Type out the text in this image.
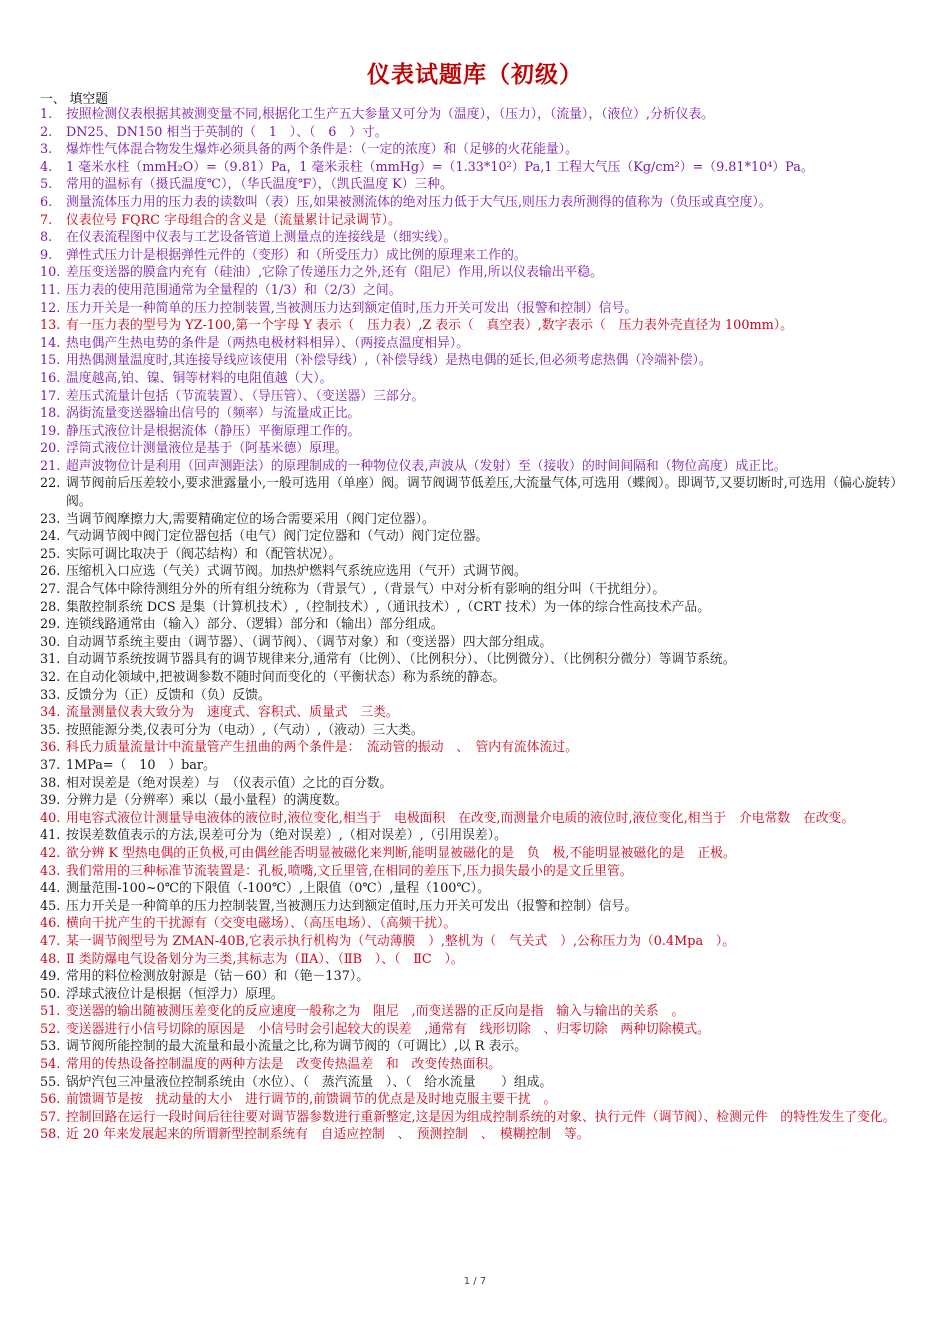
仪表试题库（初级）
一、 填空题

1. 按照检测仪表根据其被测变量不同,根据化工生产五大参量又可分为（温度），（压力），（流量），（液位）,分析仪表。

2. DN25、DN150 相当于英制的（　1　）、（　6　）寸。

3. 爆炸性气体混合物发生爆炸必须具备的两个条件是：（一定的浓度）和（足够的火花能量）。

4. 1 毫米水柱（mmH₂O）=（9.81）Pa，1 毫米汞柱（mmHg）=（1.33*10²）Pa,1 工程大气压（Kg/cm²）=（9.81*10⁴）Pa。

5. 常用的温标有（摄氏温度℃），（华氏温度℉），（凯氏温度 K）三种。

6. 测量流体压力用的压力表的读数叫（表）压,如果被测流体的绝对压力低于大气压,则压力表所测得的值称为（负压或真空度）。

7. 仪表位号 FQRC 字母组合的含义是（流量累计记录调节）。

8. 在仪表流程图中仪表与工艺设备管道上测量点的连接线是（细实线）。

9. 弹性式压力计是根据弹性元件的（变形）和（所受压力）成比例的原理来工作的。

10. 差压变送器的膜盒内充有（硅油）,它除了传递压力之外,还有（阻尼）作用,所以仪表输出平稳。

11. 压力表的使用范围通常为全量程的（1/3）和（2/3）之间。

12. 压力开关是一种简单的压力控制装置,当被测压力达到额定值时,压力开关可发出（报警和控制）信号。

13. 有一压力表的型号为 YZ-100,第一个字母 Y 表示（　压力表）,Z 表示（　真空表）,数字表示（　压力表外壳直径为 100mm）。

14. 热电偶产生热电势的条件是（两热电极材料相异）、（两接点温度相异）。

15. 用热偶测量温度时,其连接导线应该使用（补偿导线）,（补偿导线）是热电偶的延长,但必须考虑热偶（冷端补偿）。

16. 温度越高,铂、镍、铜等材料的电阻值越（大）。

17. 差压式流量计包括（节流装置）、（导压管）、（变送器）三部分。

18. 涡街流量变送器输出信号的（频率）与流量成正比。

19. 静压式液位计是根据流体（静压）平衡原理工作的。

20. 浮筒式液位计测量液位是基于（阿基米德）原理。

21. 超声波物位计是利用（回声测距法）的原理制成的一种物位仪表,声波从（发射）至（接收）的时间间隔和（物位高度）成正比。

22. 调节阀前后压差较小,要求泄露量小,一般可选用（单座）阀。调节阀调节低差压,大流量气体,可选用（蝶阀）。即调节,又要切断时,可选用（偏心旋转）阀。

23. 当调节阀摩擦力大,需要精确定位的场合需要采用（阀门定位器）。

24. 气动调节阀中阀门定位器包括（电气）阀门定位器和（气动）阀门定位器。

25. 实际可调比取决于（阀芯结构）和（配管状况）。

26. 压缩机入口应选（气关）式调节阀。加热炉燃料气系统应选用（气开）式调节阀。

27. 混合气体中除待测组分外的所有组分统称为（背景气）,（背景气）中对分析有影响的组分叫（干扰组分）。

28. 集散控制系统 DCS 是集（计算机技术）,（控制技术）,（通讯技术）,（CRT 技术）为一体的综合性高技术产品。

29. 连锁线路通常由（输入）部分、（逻辑）部分和（输出）部分组成。

30. 自动调节系统主要由（调节器）、（调节阀）、（调节对象）和（变送器）四大部分组成。

31. 自动调节系统按调节器具有的调节规律来分,通常有（比例）、（比例积分）、（比例微分）、（比例积分微分）等调节系统。

32. 在自动化领域中,把被调参数不随时间而变化的（平衡状态）称为系统的静态。

33. 反馈分为（正）反馈和（负）反馈。

34. 流量测量仪表大致分为　速度式、容积式、质量式　三类。

35. 按照能源分类,仪表可分为（电动）,（气动）,（液动）三大类。

36. 科氏力质量流量计中流量管产生扭曲的两个条件是：　流动管的振动　、　管内有流体流过。

37. 1MPa=（　10　）bar。

38. 相对误差是（绝对误差）与　（仪表示值）之比的百分数。

39. 分辨力是（分辨率）乘以（最小量程）的满度数。

40. 用电容式液位计测量导电液体的液位时,液位变化,相当于　电极面积　在改变,而测量介电质的液位时,液位变化,相当于　介电常数　在改变。

41. 按误差数值表示的方法,误差可分为（绝对误差）,（相对误差）,（引用误差）。

42. 欲分辨 K 型热电偶的正负极,可由偶丝能否明显被磁化来判断,能明显被磁化的是　负　极,不能明显被磁化的是　正极。

43. 我们常用的三种标准节流装置是：孔板,喷嘴,文丘里管,在相同的差压下,压力损失最小的是文丘里管。

44. 测量范围-100~0℃的下限值（-100℃）,上限值（0℃）,量程（100℃）。

45. 压力开关是一种简单的压力控制装置,当被测压力达到额定值时,压力开关可发出（报警和控制）信号。

46. 横向干扰产生的干扰源有（交变电磁场）、（高压电场）、（高频干扰）。

47. 某一调节阀型号为 ZMAN-40B,它表示执行机构为（气动薄膜　）,整机为（　气关式　）,公称压力为（0.4Mpa　）。

48. Ⅱ 类防爆电气设备划分为三类,其标志为（ⅡA）、（ⅡB　）、（　ⅡC　）。

49. 常用的料位检测放射源是（钴－60）和（铯－137）。

50. 浮球式液位计是根据（恒浮力）原理。

51. 变送器的输出随被测压差变化的反应速度一般称之为　阻尼　,而变送器的正反向是指　输入与输出的关系　。

52. 变送器进行小信号切除的原因是　小信号时会引起较大的误差　,通常有　线形切除　、归零切除　两种切除模式。

53. 调节阀所能控制的最大流量和最小流量之比,称为调节阀的（可调比）,以 R 表示。

54. 常用的传热设备控制温度的两种方法是　改变传热温差　和　改变传热面积。

55. 锅炉汽包三冲量液位控制系统由（水位）、（　蒸汽流量　）、（　给水流量　　）组成。

56. 前馈调节是按　扰动量的大小　进行调节的,前馈调节的优点是及时地克服主要干扰　。

57. 控制回路在运行一段时间后往往要对调节器参数进行重新整定,这是因为组成控制系统的对象、执行元件（调节阀）、检测元件　的特性发生了变化。

58. 近 20 年来发展起来的所谓新型控制系统有　自适应控制　、　预测控制　、　模糊控制　等。

1 / 7
